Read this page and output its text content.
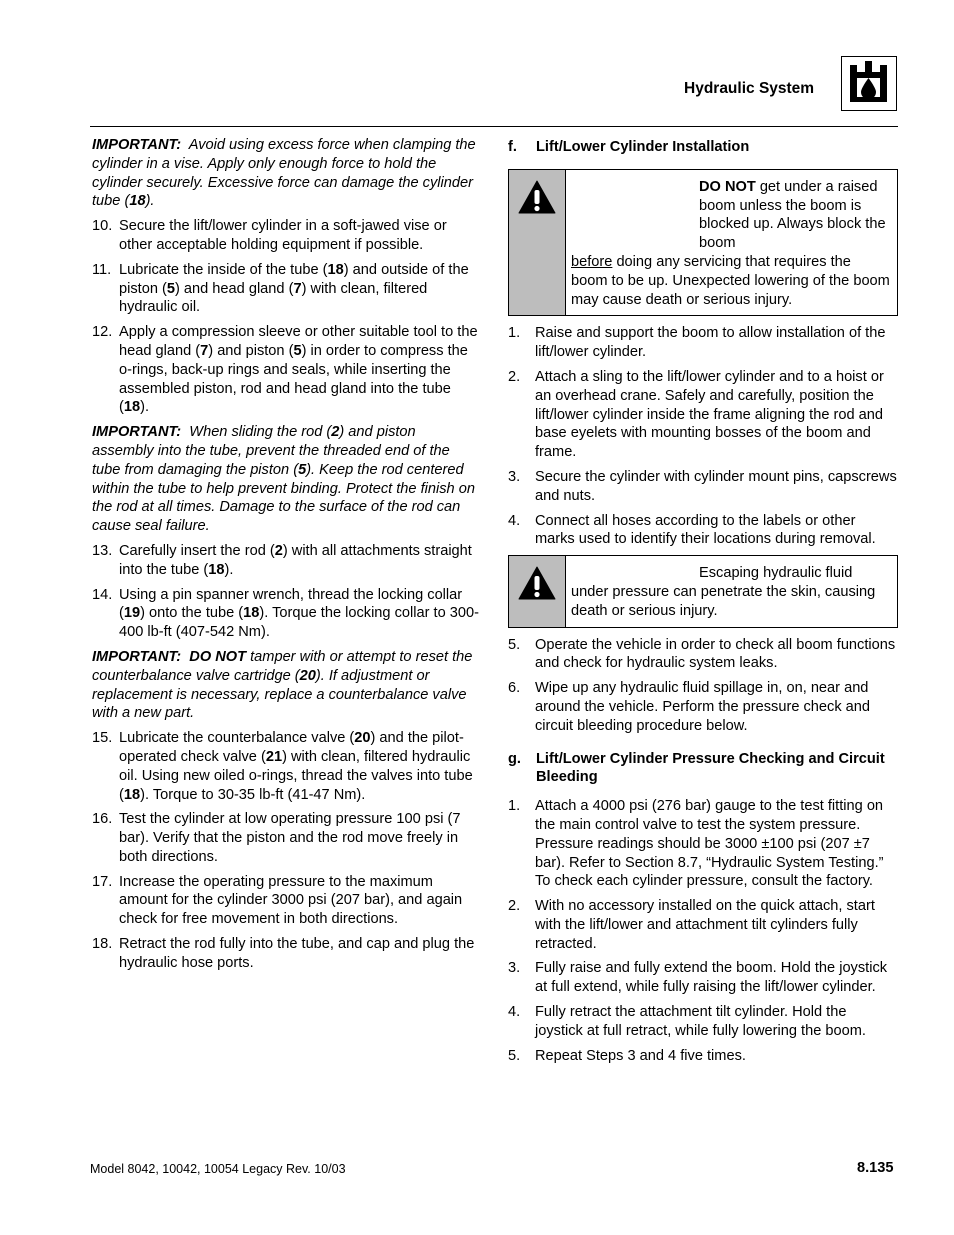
Hydraulic System

IMPORTANT: Avoid using excess force when clamping the cylinder in a vise. Apply only enough force to hold the cylinder securely. Excessive force can damage the cylinder tube (18).

10. Secure the lift/lower cylinder in a soft-jawed vise or other acceptable holding equipment if possible.
11. Lubricate the inside of the tube (18) and outside of the piston (5) and head gland (7) with clean, filtered hydraulic oil.
12. Apply a compression sleeve or other suitable tool to the head gland (7) and piston (5) in order to compress the o-rings, back-up rings and seals, while inserting the assembled piston, rod and head gland into the tube (18).

IMPORTANT: When sliding the rod (2) and piston assembly into the tube, prevent the threaded end of the tube from damaging the piston (5). Keep the rod centered within the tube to help prevent binding. Protect the finish on the rod at all times. Damage to the surface of the rod can cause seal failure.

13. Carefully insert the rod (2) with all attachments straight into the tube (18).
14. Using a pin spanner wrench, thread the locking collar (19) onto the tube (18). Torque the locking collar to 300-400 lb-ft (407-542 Nm).

IMPORTANT: DO NOT tamper with or attempt to reset the counterbalance valve cartridge (20). If adjustment or replacement is necessary, replace a counterbalance valve with a new part.

15. Lubricate the counterbalance valve (20) and the pilot-operated check valve (21) with clean, filtered hydraulic oil. Using new oiled o-rings, thread the valves into tube (18). Torque to 30-35 lb-ft (41-47 Nm).
16. Test the cylinder at low operating pressure 100 psi (7 bar). Verify that the piston and the rod move freely in both directions.
17. Increase the operating pressure to the maximum amount for the cylinder 3000 psi (207 bar), and again check for free movement in both directions.
18. Retract the rod fully into the tube, and cap and plug the hydraulic hose ports.
f.	Lift/Lower Cylinder Installation
DO NOT get under a raised boom unless the boom is blocked up. Always block the boom
before doing any servicing that requires the boom to be up. Unexpected lowering of the boom may cause death or serious injury.
1.	Raise and support the boom to allow installation of the lift/lower cylinder.
2.	Attach a sling to the lift/lower cylinder and to a hoist or an overhead crane. Safely and carefully, position the lift/lower cylinder inside the frame aligning the rod and base eyelets with mounting bosses of the boom and frame.
3.	Secure the cylinder with cylinder mount pins, capscrews and nuts.
4.	Connect all hoses according to the labels or other marks used to identify their locations during removal.
Escaping hydraulic fluid
under pressure can penetrate the skin, causing death or serious injury.
5.	Operate the vehicle in order to check all boom functions and check for hydraulic system leaks.
6.	Wipe up any hydraulic fluid spillage in, on, near and around the vehicle. Perform the pressure check and circuit bleeding procedure below.
g.	Lift/Lower Cylinder Pressure Checking and Circuit Bleeding
1.	Attach a 4000 psi (276 bar) gauge to the test fitting on the main control valve to test the system pressure. Pressure readings should be 3000 ±100 psi (207 ±7 bar). Refer to Section 8.7, “Hydraulic System Testing.” To check each cylinder pressure, consult the factory.
2.	With no accessory installed on the quick attach, start with the lift/lower and attachment tilt cylinders fully retracted.
3.	Fully raise and fully extend the boom. Hold the joystick at full extend, while fully raising the lift/lower cylinder.
4.	Fully retract the attachment tilt cylinder. Hold the joystick at full retract, while fully lowering the boom.
5.	Repeat Steps 3 and 4 five times.
Model 8042, 10042, 10054 Legacy Rev. 10/03	8.135
